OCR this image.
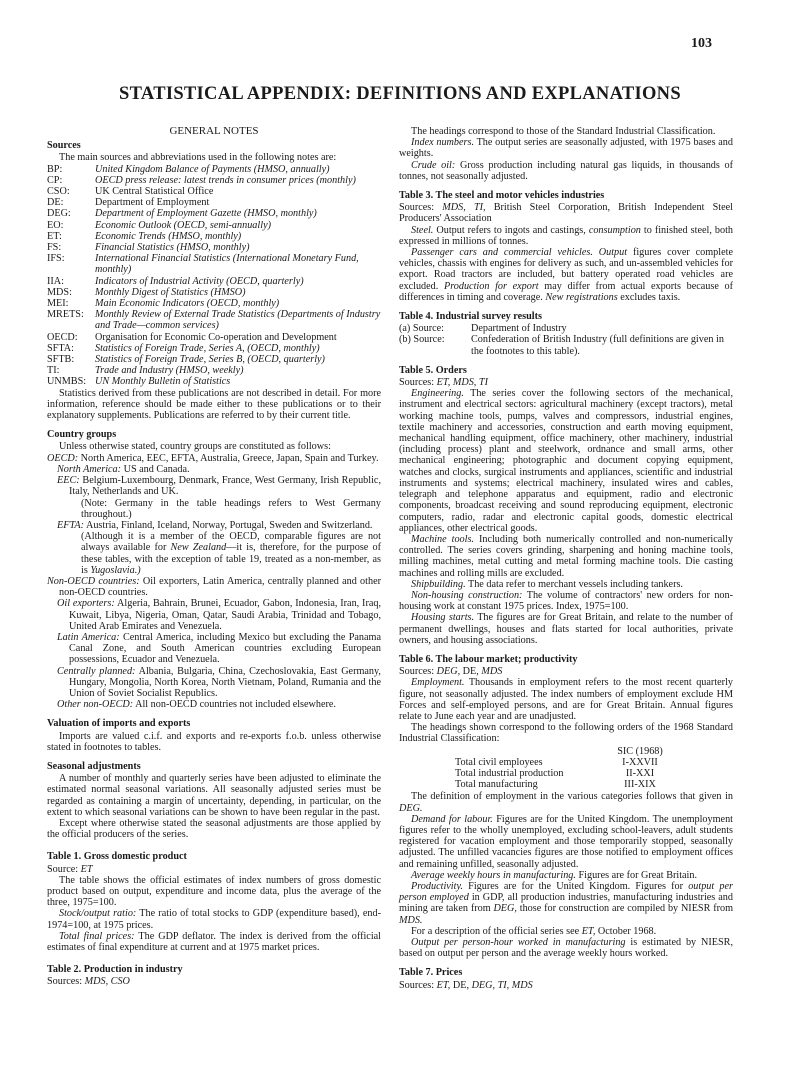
103
STATISTICAL APPENDIX: DEFINITIONS AND EXPLANATIONS
GENERAL NOTES
Sources

The main sources and abbreviations used in the following notes are:

BP:	United Kingdom Balance of Payments (HMSO, annually)
CP:	OECD press release: latest trends in consumer prices (monthly)
CSO:	UK Central Statistical Office
DE:	Department of Employment
DEG:	Department of Employment Gazette (HMSO, monthly)
EO:	Economic Outlook (OECD, semi-annually)
ET:	Economic Trends (HMSO, monthly)
FS:	Financial Statistics (HMSO, monthly)
IFS:	International Financial Statistics (International Monetary Fund, monthly)
IIA:	Indicators of Industrial Activity (OECD, quarterly)
MDS:	Monthly Digest of Statistics (HMSO)
MEI:	Main Economic Indicators (OECD, monthly)
MRETS:	Monthly Review of External Trade Statistics (Departments of Industry and Trade—common services)
OECD:	Organisation for Economic Co-operation and Development
SFTA:	Statistics of Foreign Trade, Series A, (OECD, monthly)
SFTB:	Statistics of Foreign Trade, Series B, (OECD, quarterly)
TI:	Trade and Industry (HMSO, weekly)
UNMBS: UN Monthly Bulletin of Statistics

Statistics derived from these publications are not described in detail. For more information, reference should be made either to these publications or to their explanatory supplements. Publications are referred to by their current title.

Country groups

Unless otherwise stated, country groups are constituted as follows:

OECD: North America, EEC, EFTA, Australia, Greece, Japan, Spain and Turkey.
North America: US and Canada.
EEC: Belgium-Luxembourg, Denmark, France, West Germany, Irish Republic, Italy, Netherlands and UK.
(Note: Germany in the table headings refers to West Germany throughout.)
EFTA: Austria, Finland, Iceland, Norway, Portugal, Sweden and Switzerland.
(Although it is a member of the OECD, comparable figures are not always available for New Zealand—it is, therefore, for the purpose of these tables, with the exception of table 19, treated as a non-member, as is Yugoslavia.)
Non-OECD countries: Oil exporters, Latin America, centrally planned and other non-OECD countries.
Oil exporters: Algeria, Bahrain, Brunei, Ecuador, Gabon, Indonesia, Iran, Iraq, Kuwait, Libya, Nigeria, Oman, Qatar, Saudi Arabia, Trinidad and Tobago, United Arab Emirates and Venezuela.
Latin America: Central America, including Mexico but excluding the Panama Canal Zone, and South American countries excluding European possessions, Ecuador and Venezuela.
Centrally planned: Albania, Bulgaria, China, Czechoslovakia, East Germany, Hungary, Mongolia, North Korea, North Vietnam, Poland, Rumania and the Union of Soviet Socialist Republics.
Other non-OECD: All non-OECD countries not included elsewhere.
Valuation of imports and exports

Imports are valued c.i.f. and exports and re-exports f.o.b. unless otherwise stated in footnotes to tables.

Seasonal adjustments

A number of monthly and quarterly series have been adjusted to eliminate the estimated normal seasonal variations. All seasonally adjusted series must be regarded as containing a margin of uncertainty, depending, in particular, on the extent to which seasonal variations can be shown to have been regular in the past.

Except where otherwise stated the seasonal adjustments are those applied by the official producers of the series.

Table 1. Gross domestic product

Source: ET

The table shows the official estimates of index numbers of gross domestic product based on output, expenditure and income data, plus the average of the three, 1975=100.

Stock/output ratio: The ratio of total stocks to GDP (expenditure based), end-1974=100, at 1975 prices.

Total final prices: The GDP deflator. The index is derived from the official estimates of final expenditure at current and at 1975 market prices.

Table 2. Production in industry

Sources: MDS, CSO

The headings correspond to those of the Standard Industrial Classification.

Index numbers. The output series are seasonally adjusted, with 1975 bases and weights.

Crude oil: Gross production including natural gas liquids, in thousands of tonnes, not seasonally adjusted.

Table 3. The steel and motor vehicles industries

Sources: MDS, TI, British Steel Corporation, British Independent Steel Producers' Association

Steel. Output refers to ingots and castings, consumption to finished steel, both expressed in millions of tonnes.

Passenger cars and commercial vehicles. Output figures cover complete vehicles, chassis with engines for delivery as such, and un-assembled vehicles for export. Road tractors are included, but battery operated road vehicles are excluded. Production for export may differ from actual exports because of differences in timing and coverage. New registrations excludes taxis.

Table 4. Industrial survey results
(a) Source:	Department of Industry
(b) Source:	Confederation of British Industry (full definitions are given in the footnotes to this table).
Table 5. Orders

Sources: ET, MDS, TI

Engineering. The series cover the following sectors of the mechanical, instrument and electrical sectors: agricultural machinery (except tractors), metal working machine tools, pumps, valves and compressors, industrial engines, textile machinery and accessories, construction and earth moving equipment, mechanical handling equipment, office machinery, other machinery, industrial (including process) plant and steelwork, ordnance and small arms, other mechanical engineering; photographic and document copying equipment, watches and clocks, surgical instruments and appliances, scientific and industrial instruments and systems; electrical machinery, insulated wires and cables, telegraph and telephone apparatus and equipment, radio and electronic components, broadcast receiving and sound reproducing equipment, electronic computers, radio, radar and electronic capital goods, domestic electrical appliances, other electrical goods.

Machine tools. Including both numerically controlled and non-numerically controlled. The series covers grinding, sharpening and honing machine tools, milling machines, metal cutting and metal forming machine tools. Die casting machines and rolling mills are excluded.

Shipbuilding. The data refer to merchant vessels including tankers.

Non-housing construction: The volume of contractors' new orders for non-housing work at constant 1975 prices. Index, 1975=100.

Housing starts. The figures are for Great Britain, and relate to the number of permanent dwellings, houses and flats started for local authorities, private owners, and housing associations.

Table 6. The labour market; productivity

Sources: DEG, DE, MDS

Employment. Thousands in employment refers to the most recent quarterly figure, not seasonally adjusted. The index numbers of employment exclude HM Forces and self-employed persons, and are for Great Britain. Annual figures relate to June each year and are unadjusted.

The headings shown correspond to the following orders of the 1968 Standard Industrial Classification:

SIC (1968)
Total civil employees	I-XXVII
Total industrial production	II-XXI
Total manufacturing	III-XIX

The definition of employment in the various categories follows that given in DEG.

Demand for labour. Figures are for the United Kingdom. The unemployment figures refer to the wholly unemployed, excluding school-leavers, adult students registered for vacation employment and those temporarily stopped, seasonally adjusted. The unfilled vacancies figures are those notified to employment offices and remaining unfilled, seasonally adjusted.

Average weekly hours in manufacturing. Figures are for Great Britain.

Productivity. Figures are for the United Kingdom. Figures for output per person employed in GDP, all production industries, manufacturing industries and mining are taken from DEG, those for construction are compiled by NIESR from MDS.

For a description of the official series see ET, October 1968.

Output per person-hour worked in manufacturing is estimated by NIESR, based on output per person and the average weekly hours worked.

Table 7. Prices

Sources: ET, DE, DEG, TI, MDS
